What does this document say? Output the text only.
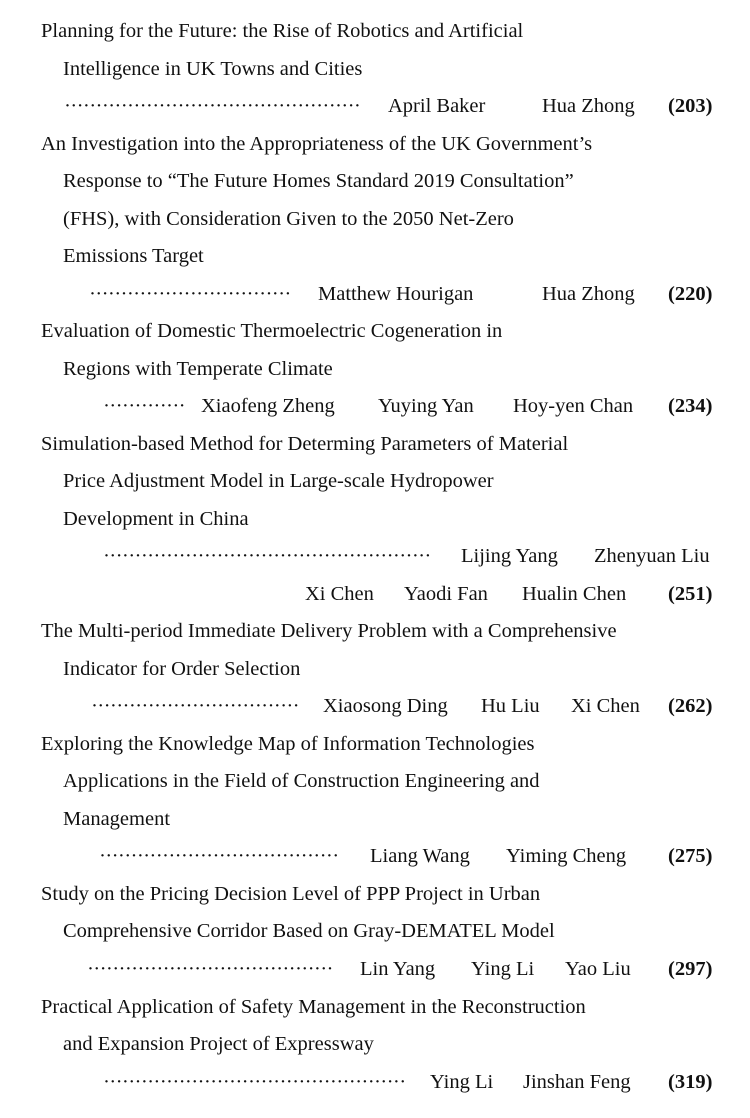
Planning for the Future: the Rise of Robotics and Artificial
Intelligence in UK Towns and Cities
··············································· April Baker	Hua Zhong (203)
An Investigation into the Appropriateness of the UK Government’s
Response to “The Future Homes Standard 2019 Consultation”
(FHS), with Consideration Given to the 2050 Net-Zero
Emissions Target
································ Matthew Hourigan	Hua Zhong (220)
Evaluation of Domestic Thermoelectric Cogeneration in
Regions with Temperate Climate
············· Xiaofeng Zheng Yuying Yan Hoy-yen Chan (234)
Simulation-based Method for Determing Parameters of Material
Price Adjustment Model in Large-scale Hydropower
Development in China
···················································· Lijing Yang Zhenyuan Liu
Xi Chen Yaodi Fan Hualin Chen (251)
The Multi-period Immediate Delivery Problem with a Comprehensive
Indicator for Order Selection
································· Xiaosong Ding Hu Liu Xi Chen (262)
Exploring the Knowledge Map of Information Technologies
Applications in the Field of Construction Engineering and
Management
······································ Liang Wang Yiming Cheng (275)
Study on the Pricing Decision Level of PPP Project in Urban
Comprehensive Corridor Based on Gray-DEMATEL Model
······································· Lin Yang Ying Li Yao Liu (297)
Practical Application of Safety Management in the Reconstruction
and Expansion Project of Expressway
················································ Ying Li Jinshan Feng (319)
